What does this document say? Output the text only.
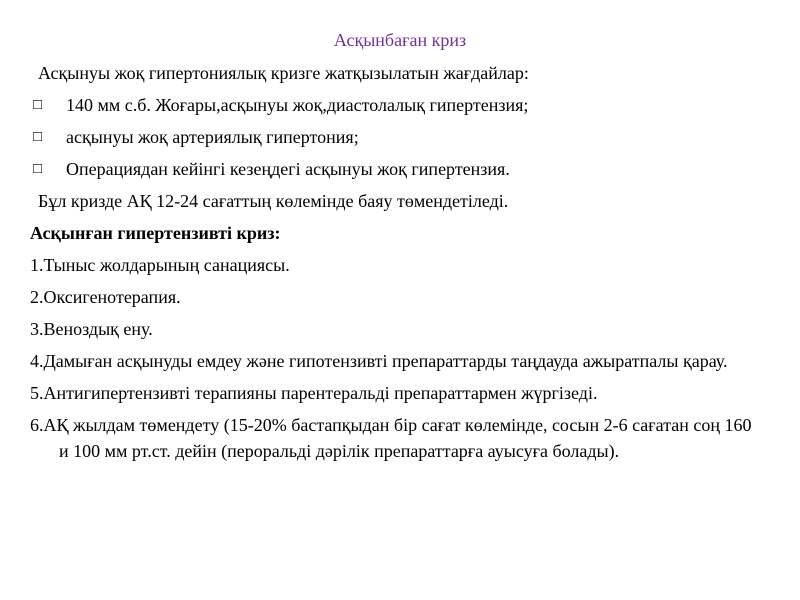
Асқынбаған криз
Асқынуы жоқ гипертониялық кризге жатқызылатын жағдайлар:
□ 140 мм с.б. Жоғары,асқынуы жоқ,диастолалық гипертензия;
□ асқынуы жоқ артериялық гипертония;
□ Операциядан кейінгі кезеңдегі асқынуы жоқ гипертензия.
Бұл кризде АҚ 12-24 сағаттың көлемінде баяу төмендетіледі.
Асқынған гипертензивті криз:
1.Тыныс жолдарының санациясы.
2.Оксигенотерапия.
3.Веноздық ену.
4.Дамыған асқынуды емдеу және гипотензивті препараттарды таңдауда ажыратпалы қарау.
5.Антигипертензивті терапияны парентеральді препараттармен жүргізеді.
6.АҚ жылдам төмендету (15-20% бастапқыдан бір сағат көлемінде, сосын 2-6 сағатан соң 160 и 100 мм рт.ст. дейін (пероральді дәрілік препараттарға ауысуға болады).
